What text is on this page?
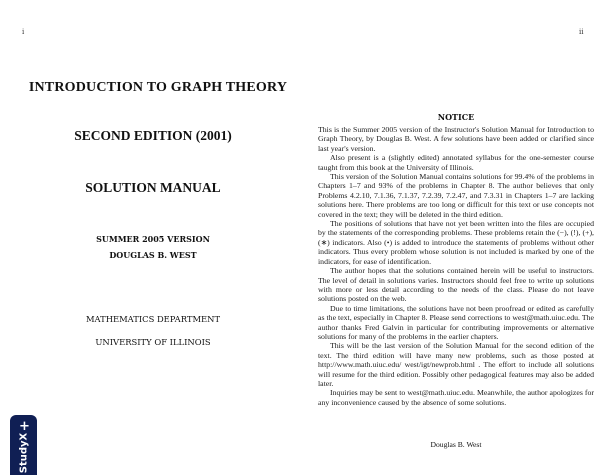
i	ii
INTRODUCTION TO GRAPH THEORY
SECOND EDITION (2001)
SOLUTION MANUAL
SUMMER 2005 VERSION
DOUGLAS B. WEST
MATHEMATICS DEPARTMENT
UNIVERSITY OF ILLINOIS
NOTICE

This is the Summer 2005 version of the Instructor's Solution Manual for Introduction to Graph Theory, by Douglas B. West. A few solutions have been added or clarified since last year's version.

Also present is a (slightly edited) annotated syllabus for the one-semester course taught from this book at the University of Illinois.

This version of the Solution Manual contains solutions for 99.4% of the problems in Chapters 1–7 and 93% of the problems in Chapter 8. The author believes that only Problems 4.2.10, 7.1.36, 7.1.37, 7.2.39, 7.2.47, and 7.3.31 in Chapters 1–7 are lacking solutions here. There problems are too long or difficult for this text or use concepts not covered in the text; they will be deleted in the third edition.

The positions of solutions that have not yet been written into the files are occupied by the statements of the corresponding problems. These problems retain the (−), (!), (+), (∗) indicators. Also (•) is added to introduce the statements of problems without other indicators. Thus every problem whose solution is not included is marked by one of the indicators, for ease of identification.

The author hopes that the solutions contained herein will be useful to instructors. The level of detail in solutions varies. Instructors should feel free to write up solutions with more or less detail according to the needs of the class. Please do not leave solutions posted on the web.

Due to time limitations, the solutions have not been proofread or edited as carefully as the text, especially in Chapter 8. Please send corrections to west@math.uiuc.edu. The author thanks Fred Galvin in particular for contributing improvements or alternative solutions for many of the problems in the earlier chapters.

This will be the last version of the Solution Manual for the second edition of the text. The third edition will have many new problems, such as those posted at http://www.math.uiuc.edu/ west/igt/newprob.html . The effort to include all solutions will resume for the third edition. Possibly other pedagogical features may also be added later.

Inquiries may be sent to west@math.uiuc.edu. Meanwhile, the author apologizes for any inconvenience caused by the absence of some solutions.

Douglas B. West
+
StudyX
